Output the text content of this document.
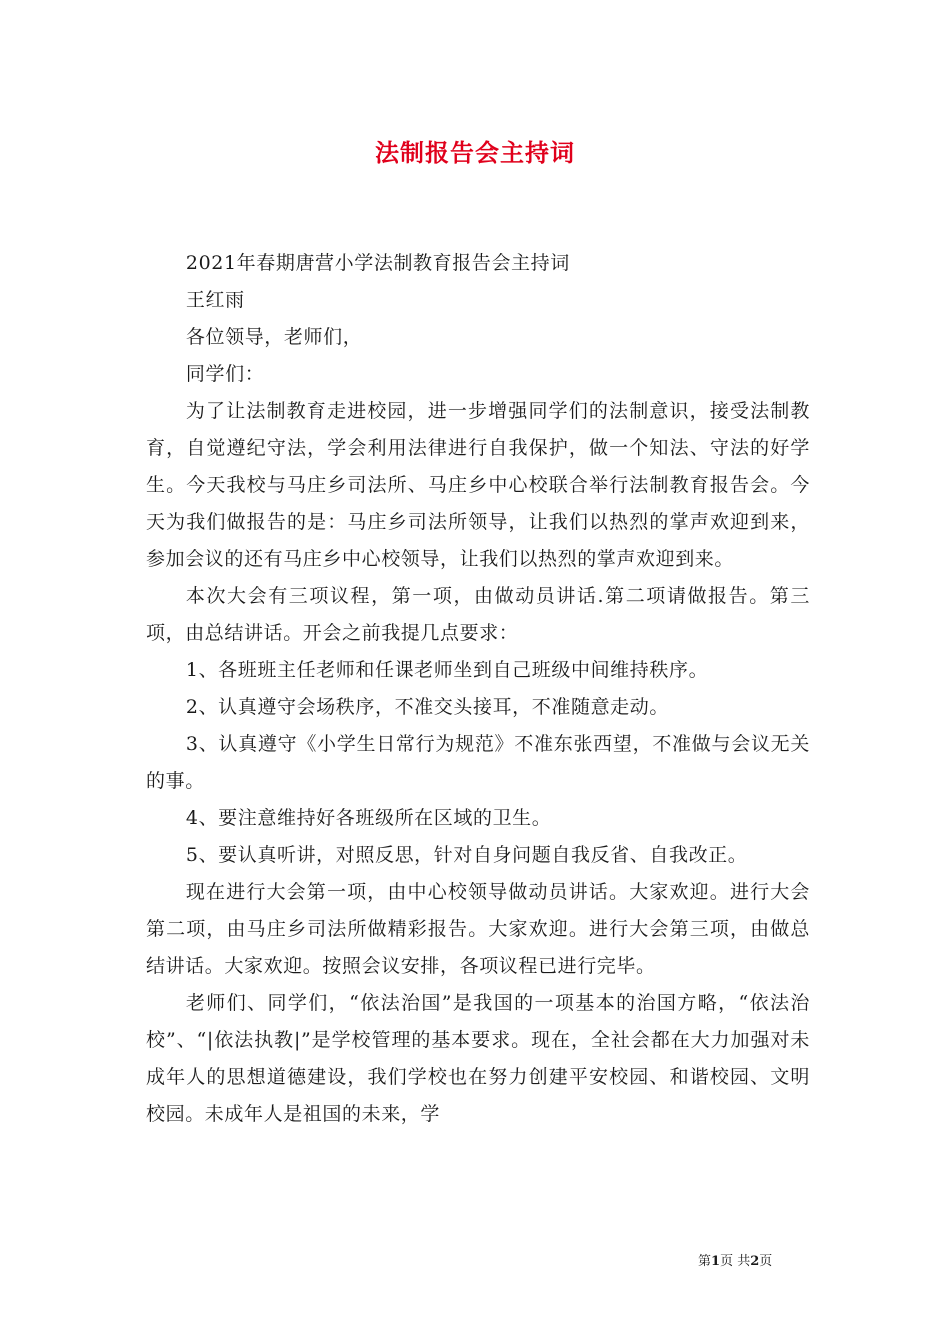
法制报告会主持词

2021年春期唐营小学法制教育报告会主持词

王红雨

各位领导，老师们，

同学们：

为了让法制教育走进校园，进一步增强同学们的法制意识，接受法制教育，自觉遵纪守法，学会利用法律进行自我保护，做一个知法、守法的好学生。今天我校与马庄乡司法所、马庄乡中心校联合举行法制教育报告会。今天为我们做报告的是：马庄乡司法所领导，让我们以热烈的掌声欢迎到来，参加会议的还有马庄乡中心校领导，让我们以热烈的掌声欢迎到来。

本次大会有三项议程，第一项，由做动员讲话.第二项请做报告。第三项，由总结讲话。开会之前我提几点要求：

1、各班班主任老师和任课老师坐到自己班级中间维持秩序。

2、认真遵守会场秩序，不准交头接耳，不准随意走动。

3、认真遵守《小学生日常行为规范》不准东张西望，不准做与会议无关的事。

4、要注意维持好各班级所在区域的卫生。

5、要认真听讲，对照反思，针对自身问题自我反省、自我改正。

现在进行大会第一项，由中心校领导做动员讲话。大家欢迎。进行大会第二项，由马庄乡司法所做精彩报告。大家欢迎。进行大会第三项，由做总结讲话。大家欢迎。按照会议安排，各项议程已进行完毕。

老师们、同学们，“依法治国”是我国的一项基本的治国方略，“依法治校”、“|依法执教|”是学校管理的基本要求。现在，全社会都在大力加强对未成年人的思想道德建设，我们学校也在努力创建平安校园、和谐校园、文明校园。未成年人是祖国的未来，学

第1页 共2页
